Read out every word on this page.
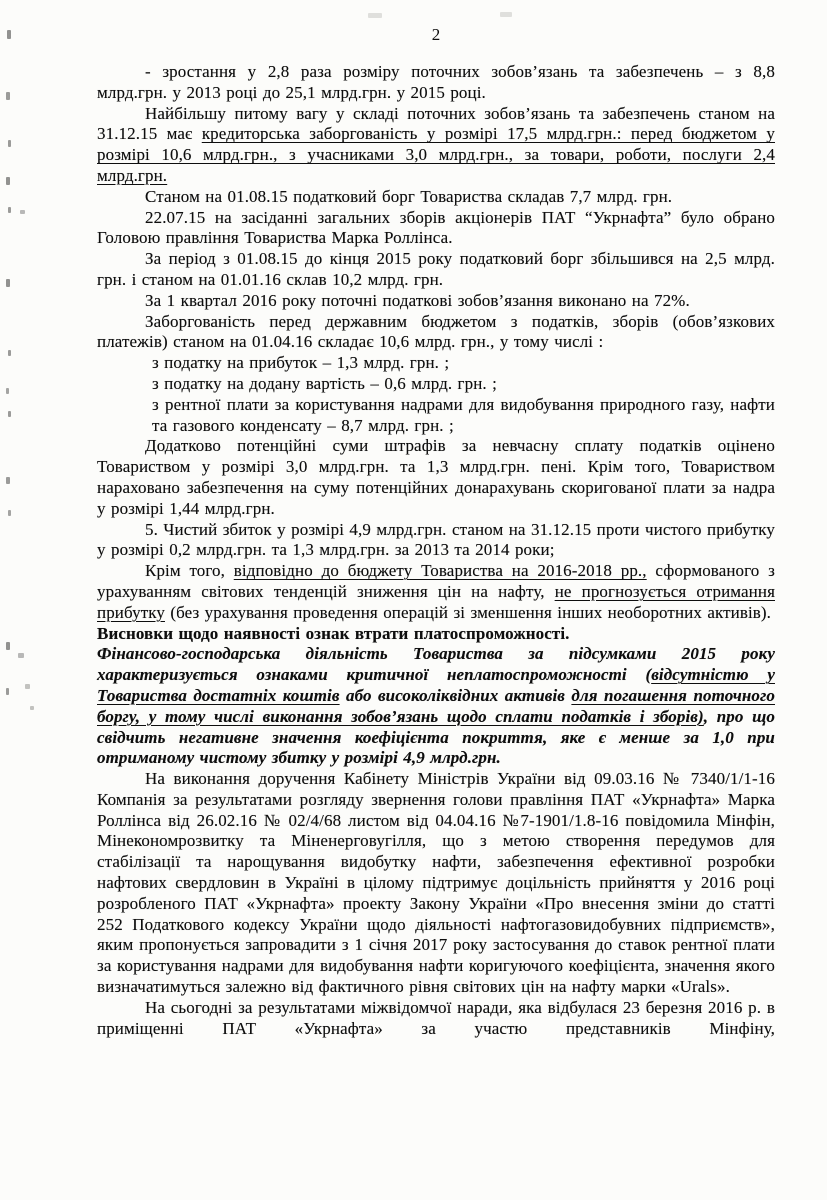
2

- зростання у 2,8 раза розміру поточних зобов’язань та забезпечень – з 8,8 млрд.грн. у 2013 році до 25,1 млрд.грн. у 2015 році.

Найбільшу питому вагу у складі поточних зобов’язань та забезпечень станом на 31.12.15 має кредиторська заборгованість у розмірі 17,5 млрд.грн.: перед бюджетом у розмірі 10,6 млрд.грн., з учасниками 3,0 млрд.грн., за товари, роботи, послуги 2,4 млрд.грн.

Станом на 01.08.15 податковий борг Товариства складав 7,7 млрд. грн.

22.07.15 на засіданні загальних зборів акціонерів ПАТ “Укрнафта” було обрано Головою правління Товариства Марка Роллінса.

За період з 01.08.15 до кінця 2015 року податковий борг збільшився на 2,5 млрд. грн. і станом на 01.01.16 склав 10,2 млрд. грн.

За 1 квартал 2016 року поточні податкові зобов’язання виконано на 72%.

Заборгованість перед державним бюджетом з податків, зборів (обов’язкових платежів) станом на 01.04.16 складає 10,6 млрд. грн., у тому числі :

з податку на прибуток – 1,3 млрд. грн. ;

з податку на додану вартість – 0,6 млрд. грн. ;

з рентної плати за користування надрами для видобування природного газу, нафти та газового конденсату – 8,7 млрд. грн. ;

Додатково потенційні суми штрафів за невчасну сплату податків оцінено Товариством у розмірі 3,0 млрд.грн. та 1,3 млрд.грн. пені. Крім того, Товариством нараховано забезпечення на суму потенційних донарахувань скоригованої плати за надра у розмірі 1,44 млрд.грн.

5. Чистий збиток у розмірі 4,9 млрд.грн. станом на 31.12.15 проти чистого прибутку у розмірі 0,2 млрд.грн. та 1,3 млрд.грн. за 2013 та 2014 роки;

Крім того, відповідно до бюджету Товариства на 2016-2018 рр., сформованого з урахуванням світових тенденцій зниження цін на нафту, не прогнозується отримання прибутку (без урахування проведення операцій зі зменшення інших необоротних активів).

Висновки щодо наявності ознак втрати платоспроможності.

Фінансово-господарська діяльність Товариства за підсумками 2015 року характеризується ознаками критичної неплатоспроможності (відсутністю у Товариства достатніх коштів або високоліквідних активів для погашення поточного боргу, у тому числі виконання зобов’язань щодо сплати податків і зборів), про що свідчить негативне значення коефіцієнта покриття, яке є менше за 1,0 при отриманому чистому збитку у розмірі 4,9 млрд.грн.

На виконання доручення Кабінету Міністрів України від 09.03.16 № 7340/1/1-16 Компанія за результатами розгляду звернення голови правління ПАТ «Укрнафта» Марка Роллінса від 26.02.16 № 02/4/68 листом від 04.04.16 №7-1901/1.8-16 повідомила Мінфін, Мінекономрозвитку та Міненерговугілля, що з метою створення передумов для стабілізації та нарощування видобутку нафти, забезпечення ефективної розробки нафтових свердловин в Україні в цілому підтримує доцільність прийняття у 2016 році розробленого ПАТ «Укрнафта» проекту Закону України «Про внесення зміни до статті 252 Податкового кодексу України щодо діяльності нафтогазовидобувних підприємств», яким пропонується запровадити з 1 січня 2017 року застосування до ставок рентної плати за користування надрами для видобування нафти коригуючого коефіцієнта, значення якого визначатимуться залежно від фактичного рівня світових цін на нафту марки «Urals».

На сьогодні за результатами міжвідомчої наради, яка відбулася 23 березня 2016 р. в приміщенні ПАТ «Укрнафта» за участю представників Мінфіну,
